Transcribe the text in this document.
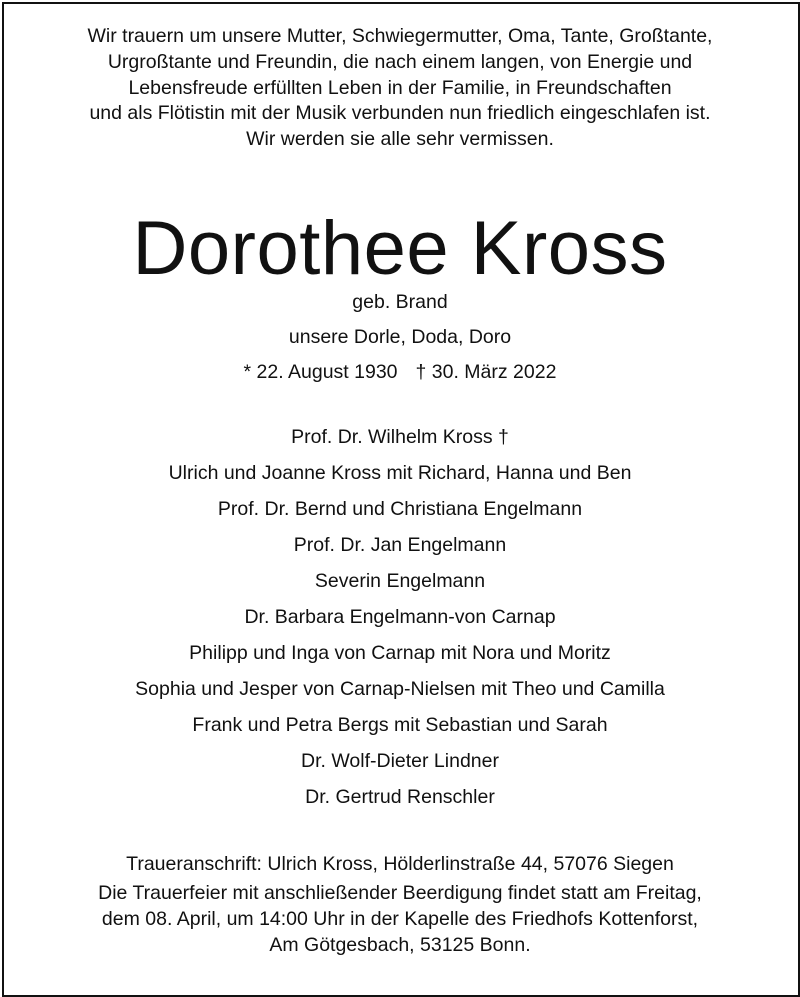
Wir trauern um unsere Mutter, Schwiegermutter, Oma, Tante, Großtante,
Urgroßtante und Freundin, die nach einem langen, von Energie und
Lebensfreude erfüllten Leben in der Familie, in Freundschaften
und als Flötistin mit der Musik verbunden nun friedlich eingeschlafen ist.
Wir werden sie alle sehr vermissen.
Dorothee Kross
geb. Brand
unsere Dorle, Doda, Doro
* 22. August 1930 † 30. März 2022
Prof. Dr. Wilhelm Kross †
Ulrich und Joanne Kross mit Richard, Hanna und Ben
Prof. Dr. Bernd und Christiana Engelmann
Prof. Dr. Jan Engelmann
Severin Engelmann
Dr. Barbara Engelmann-von Carnap
Philipp und Inga von Carnap mit Nora und Moritz
Sophia und Jesper von Carnap-Nielsen mit Theo und Camilla
Frank und Petra Bergs mit Sebastian und Sarah
Dr. Wolf-Dieter Lindner
Dr. Gertrud Renschler
Traueranschrift: Ulrich Kross, Hölderlinstraße 44, 57076 Siegen
Die Trauerfeier mit anschließender Beerdigung findet statt am Freitag,
dem 08. April, um 14:00 Uhr in der Kapelle des Friedhofs Kottenforst,
Am Götgesbach, 53125 Bonn.
